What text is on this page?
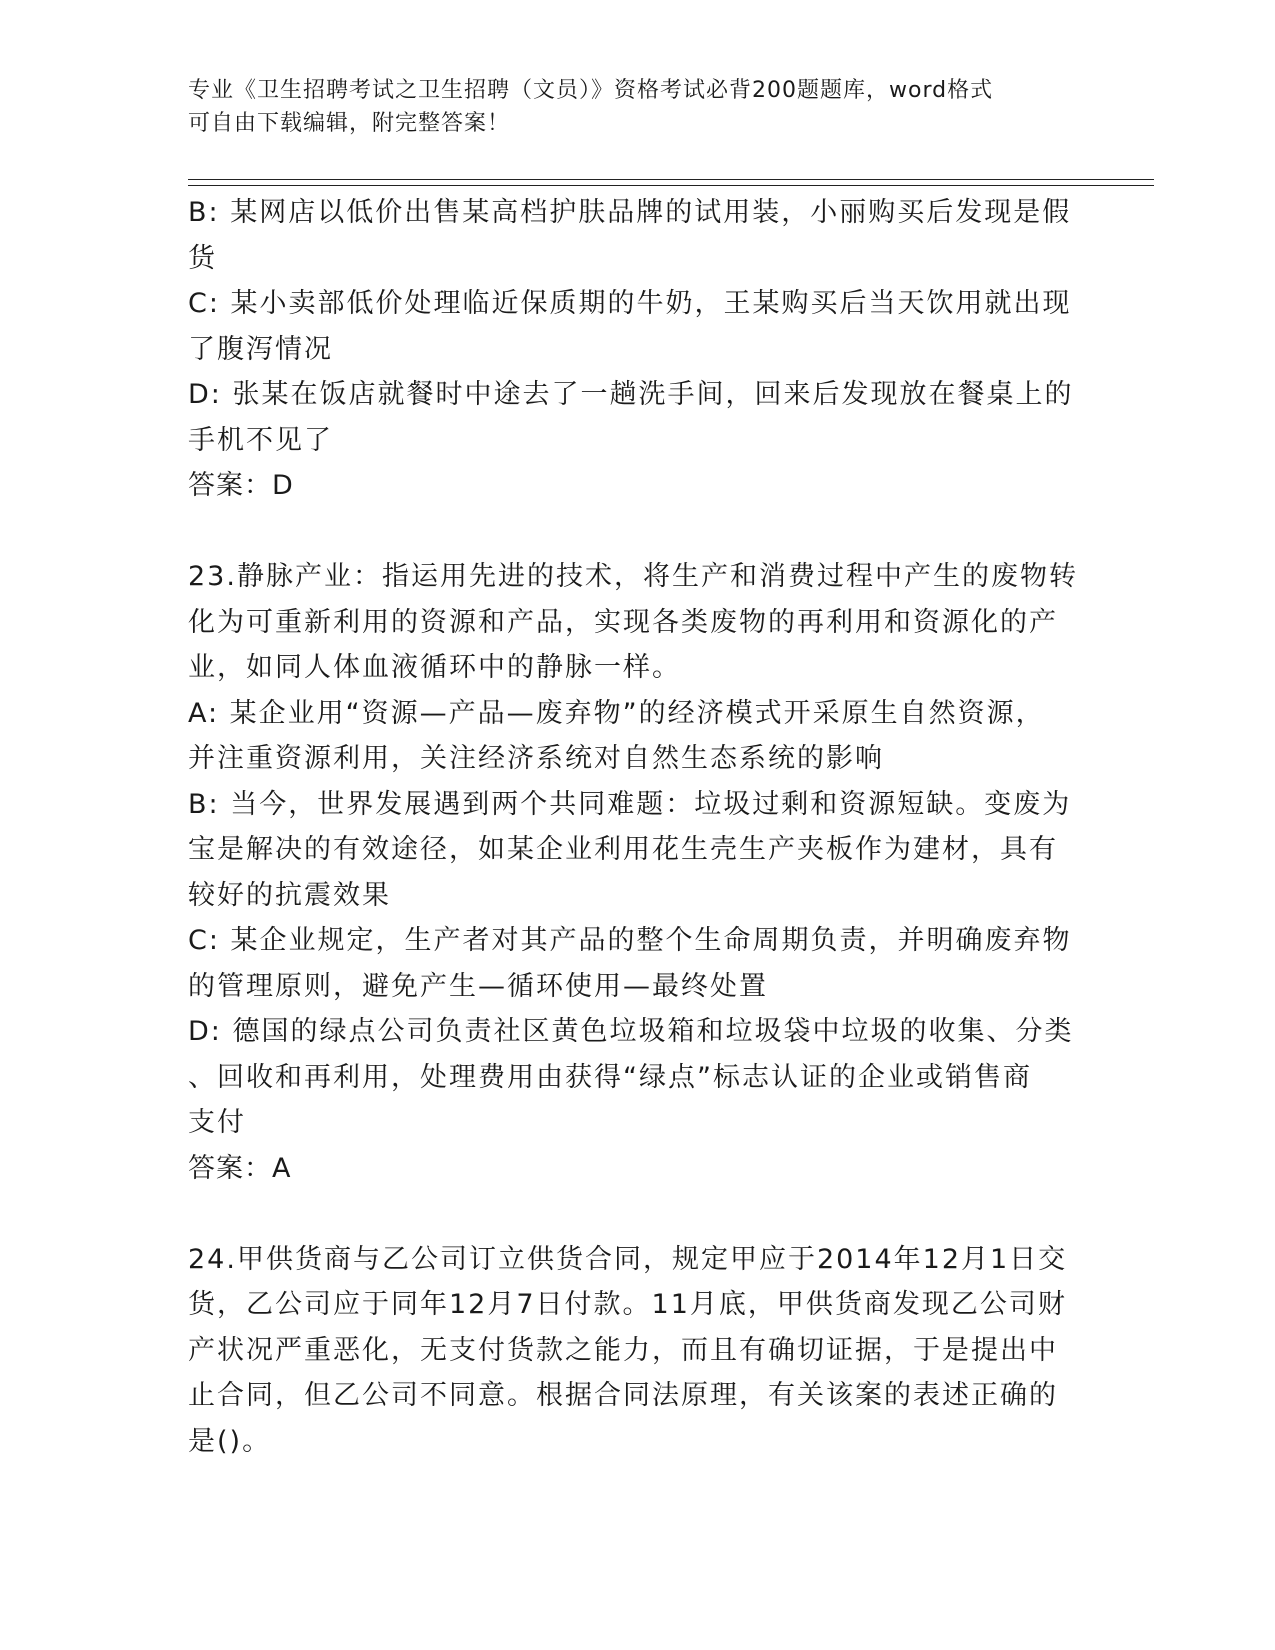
专业《卫生招聘考试之卫生招聘（文员）》资格考试必背200题题库，word格式
可自由下载编辑，附完整答案！
B: 某网店以低价出售某高档护肤品牌的试用装，小丽购买后发现是假
货
C: 某小卖部低价处理临近保质期的牛奶，王某购买后当天饮用就出现
了腹泻情况
D: 张某在饭店就餐时中途去了一趟洗手间，回来后发现放在餐桌上的
手机不见了
答案：D
23.静脉产业：指运用先进的技术，将生产和消费过程中产生的废物转
化为可重新利用的资源和产品，实现各类废物的再利用和资源化的产
业，如同人体血液循环中的静脉一样。
A: 某企业用“资源—产品—废弃物”的经济模式开采原生自然资源，
并注重资源利用，关注经济系统对自然生态系统的影响
B: 当今，世界发展遇到两个共同难题：垃圾过剩和资源短缺。变废为
宝是解决的有效途径，如某企业利用花生壳生产夹板作为建材，具有
较好的抗震效果
C: 某企业规定，生产者对其产品的整个生命周期负责，并明确废弃物
的管理原则，避免产生—循环使用—最终处置
D: 德国的绿点公司负责社区黄色垃圾箱和垃圾袋中垃圾的收集、分类
、回收和再利用，处理费用由获得“绿点”标志认证的企业或销售商
支付
答案：A
24.甲供货商与乙公司订立供货合同，规定甲应于2014年12月1日交
货，乙公司应于同年12月7日付款。11月底，甲供货商发现乙公司财
产状况严重恶化，无支付货款之能力，而且有确切证据，于是提出中
止合同，但乙公司不同意。根据合同法原理，有关该案的表述正确的
是()。
